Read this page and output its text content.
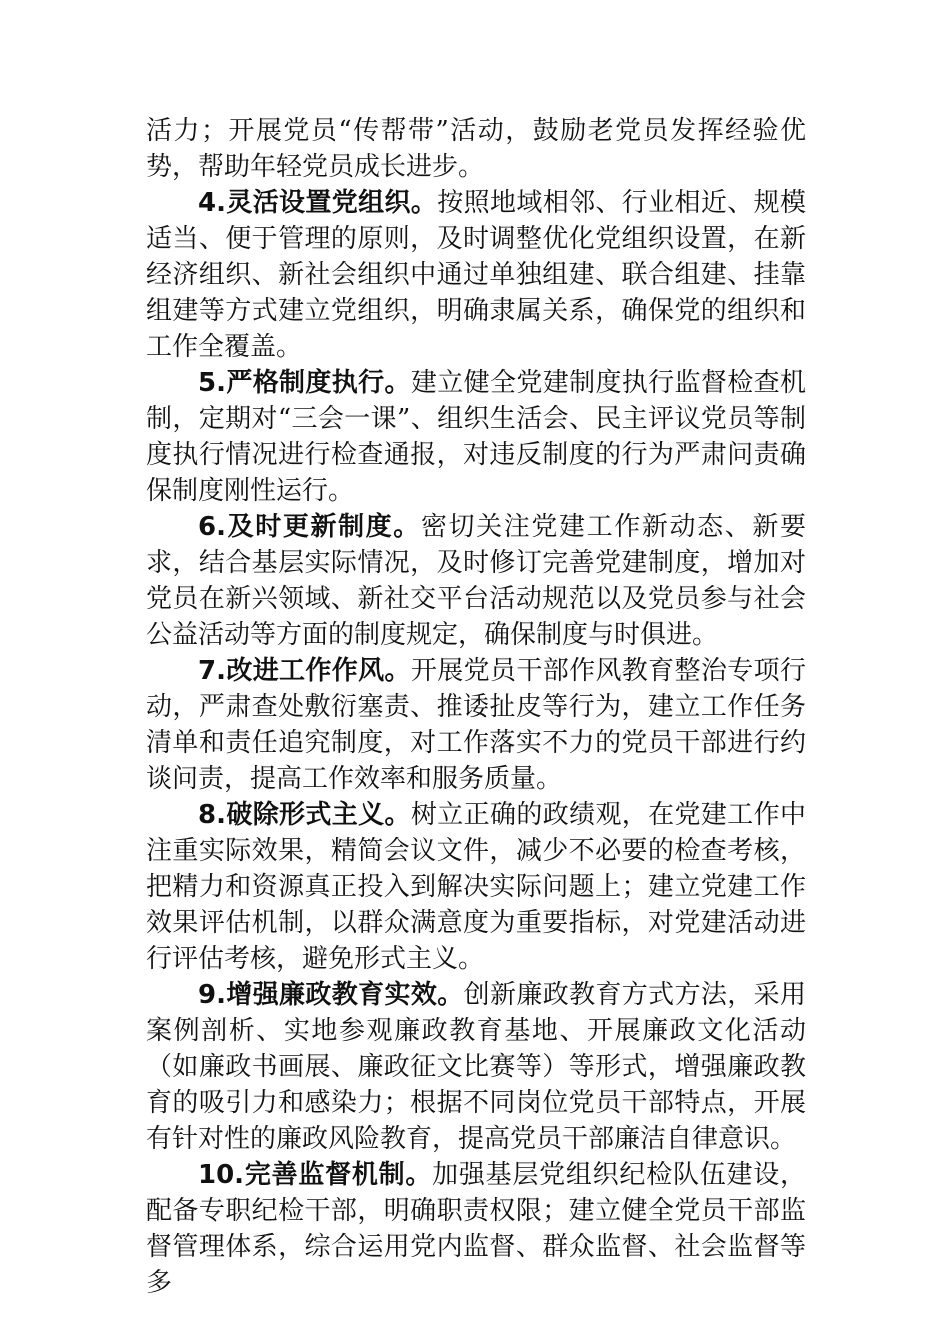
活力；开展党员“传帮带”活动，鼓励老党员发挥经验优势，帮助年轻党员成长进步。

4.灵活设置党组织。按照地域相邻、行业相近、规模适当、便于管理的原则，及时调整优化党组织设置，在新经济组织、新社会组织中通过单独组建、联合组建、挂靠组建等方式建立党组织，明确隶属关系，确保党的组织和工作全覆盖。

5.严格制度执行。建立健全党建制度执行监督检查机制，定期对“三会一课”、组织生活会、民主评议党员等制度执行情况进行检查通报，对违反制度的行为严肃问责确保制度刚性运行。

6.及时更新制度。密切关注党建工作新动态、新要求，结合基层实际情况，及时修订完善党建制度，增加对党员在新兴领域、新社交平台活动规范以及党员参与社会公益活动等方面的制度规定，确保制度与时俱进。

7.改进工作作风。开展党员干部作风教育整治专项行动，严肃查处敷衍塞责、推诿扯皮等行为，建立工作任务清单和责任追究制度，对工作落实不力的党员干部进行约谈问责，提高工作效率和服务质量。

8.破除形式主义。树立正确的政绩观，在党建工作中注重实际效果，精简会议文件，减少不必要的检查考核，把精力和资源真正投入到解决实际问题上；建立党建工作效果评估机制，以群众满意度为重要指标，对党建活动进行评估考核，避免形式主义。

9.增强廉政教育实效。创新廉政教育方式方法，采用案例剖析、实地参观廉政教育基地、开展廉政文化活动（如廉政书画展、廉政征文比赛等）等形式，增强廉政教育的吸引力和感染力；根据不同岗位党员干部特点，开展有针对性的廉政风险教育，提高党员干部廉洁自律意识。

10.完善监督机制。加强基层党组织纪检队伍建设，配备专职纪检干部，明确职责权限；建立健全党员干部监督管理体系，综合运用党内监督、群众监督、社会监督等多
